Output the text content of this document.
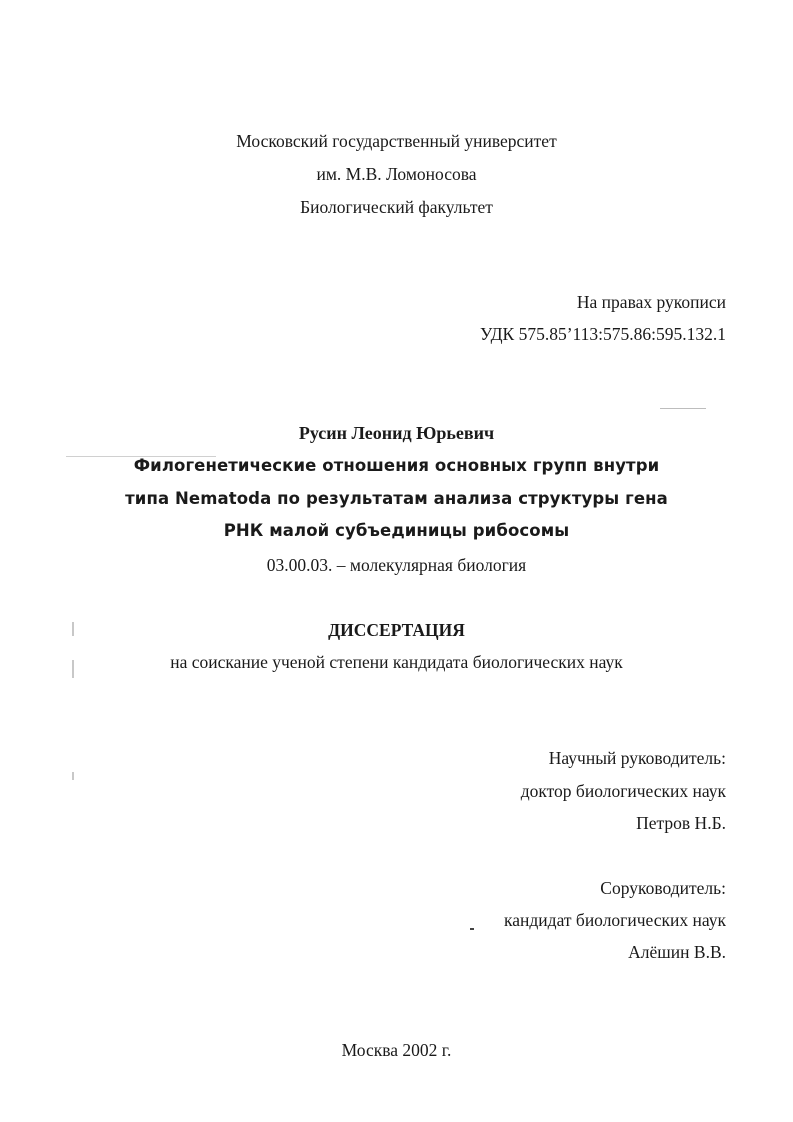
Московский государственный университет
им. М.В. Ломоносова
Биологический факультет
На правах рукописи
УДК 575.85’113:575.86:595.132.1
Русин Леонид Юрьевич
Филогенетические отношения основных групп внутри
типа Nematoda по результатам анализа структуры гена
РНК малой субъединицы рибосомы
03.00.03. – молекулярная биология
ДИССЕРТАЦИЯ
на соискание ученой степени кандидата биологических наук
Научный руководитель:
доктор биологических наук
Петров Н.Б.
Соруководитель:
кандидат биологических наук
Алёшин В.В.
Москва 2002 г.
